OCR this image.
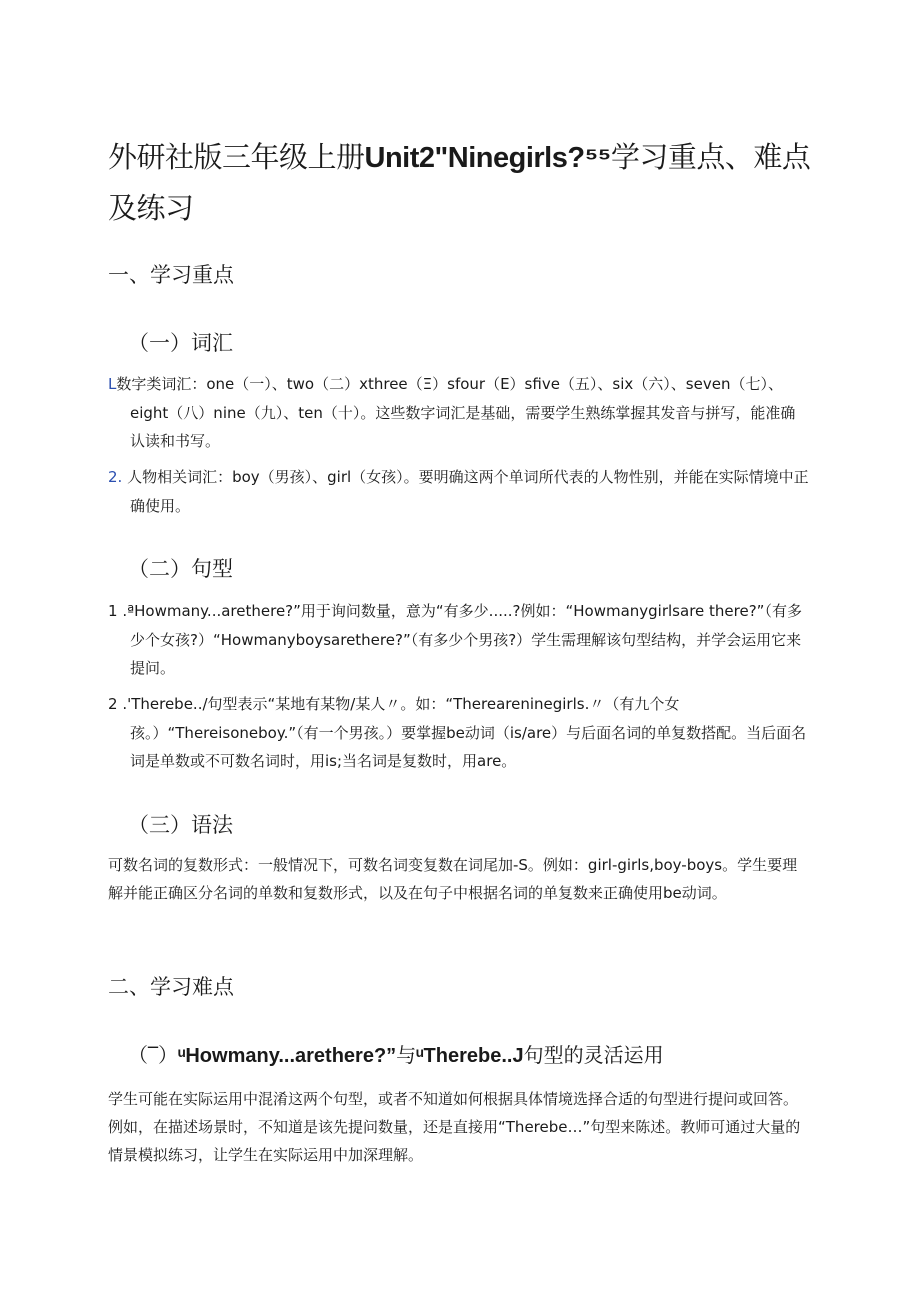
外研社版三年级上册Unit2"Ninegirls?⁵⁵学习重点、难点及练习
一、学习重点
（一）词汇

L数字类词汇：one（一）、two（二）xthree（Ξ）sfour（E）sfive（五）、six（六）、seven（七）、eight（八）nine（九）、ten（十）。这些数字词汇是基础，需要学生熟练掌握其发音与拼写，能准确认读和书写。

2. 人物相关词汇：boy（男孩）、girl（女孩）。要明确这两个单词所代表的人物性别，并能在实际情境中正确使用。

（二）句型

1 .ªHowmany...arethere?”用于询问数量，意为“有多少.....?例如：“Howmanygirlsare there?”（有多少个女孩?）“Howmanyboysarethere?”（有多少个男孩?）学生需理解该句型结构，并学会运用它来提问。

2 .'Therebe../句型表示“某地有某物/某人〃。如：“Thereareninegirls.〃（有九个女孩。）“Thereisoneboy.”（有一个男孩。）要掌握be动词（is/are）与后面名词的单复数搭配。当后面名词是单数或不可数名词时，用is;当名词是复数时，用are。

（三）语法

可数名词的复数形式：一般情况下，可数名词变复数在词尾加-S。例如：girl-girls,boy-boys。学生要理解并能正确区分名词的单数和复数形式，以及在句子中根据名词的单复数来正确使用be动词。

二、学习难点
（‾）ᵘHowmany...arethere?”与ᵘTherebe..J句型的灵活运用

学生可能在实际运用中混淆这两个句型，或者不知道如何根据具体情境选择合适的句型进行提问或回答。例如，在描述场景时，不知道是该先提问数量，还是直接用“Therebe…”句型来陈述。教师可通过大量的情景模拟练习，让学生在实际运用中加深理解。
